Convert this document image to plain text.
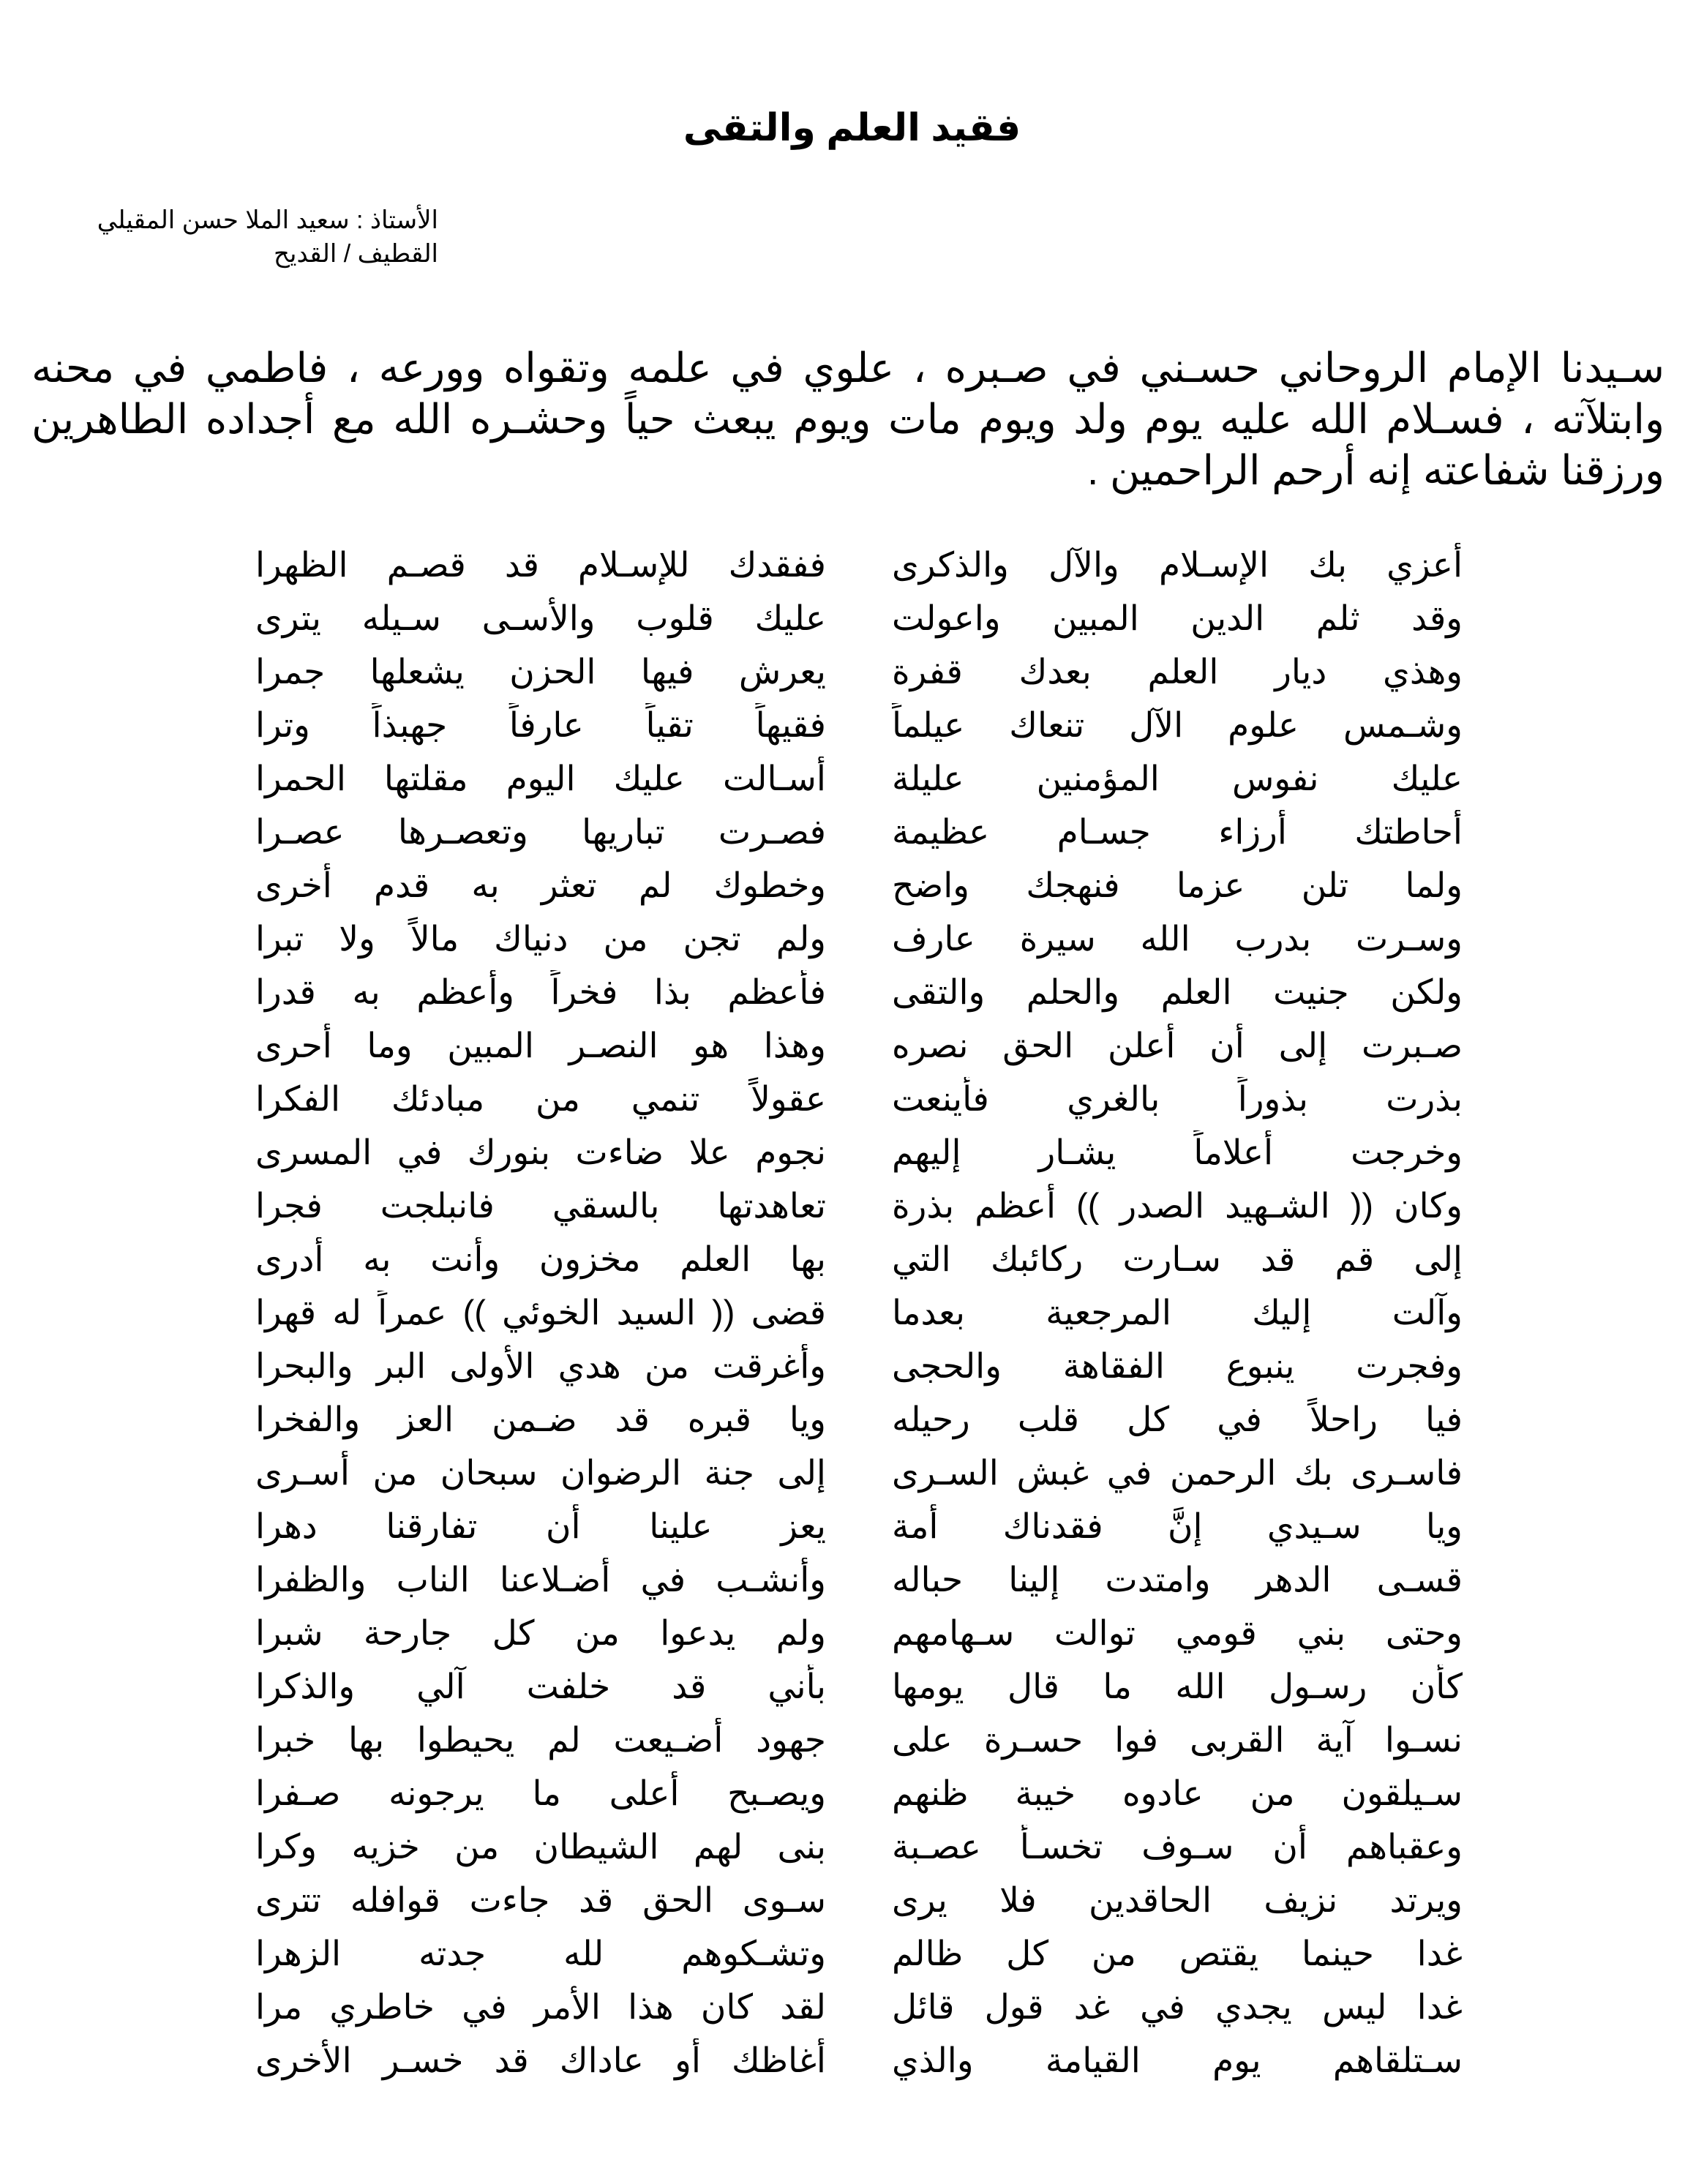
فقيد العلم والتقى
الأستاذ : سعيد الملا حسن المقيلي
القطيف / القديح
سـيدنا الإمام الروحاني حسـني في صـبره ، علوي في علمه وتقواه وورعه ، فاطمي في محنه وابتلآته ، فسـلام الله عليه يوم ولد ويوم مات ويوم يبعث حياً وحشـره الله مع أجداده الطاهرين ورزقنا شفاعته إنه أرحم الراحمين .
أعزي بك الإسـلام والآل والذكرى
ففقدك للإسـلام قد قصـم الظهرا
وقد ثلم الدين المبين واعولت
عليك قلوب والأسـى سـيله يترى
وهذي ديار العلم بعدك قفرة
يعرش فيها الحزن يشعلها جمرا
وشـمس علوم الآل تنعاك عيلماً
فقيهاً تقياً عارفاً جهبذاً وترا
عليك نفوس المؤمنين عليلة
أسـالت عليك اليوم مقلتها الحمرا
أحاطتك أرزاء جسـام عظيمة
فصـرت تباريها وتعصـرها عصـرا
ولما تلن عزما فنهجك واضح
وخطوك لم تعثر به قدم أخرى
وسـرت بدرب الله سيرة عارف
ولم تجن من دنياك مالاً ولا تبرا
ولكن جنيت العلم والحلم والتقى
فأعظم بذا فخراً وأعظم به قدرا
صـبرت إلى أن أعلن الحق نصره
وهذا هو النصـر المبين وما أحرى
بذرت بذوراً بالغري فأينعت
عقولاً تنمي من مبادئك الفكرا
وخرجت أعلاماً يشـار إليهم
نجوم علا ضاءت بنورك في المسرى
وكان (( الشـهيد الصدر )) أعظم بذرة
تعاهدتها بالسقي فانبلجت فجرا
إلى قم قد سـارت ركائبك التي
بها العلم مخزون وأنت به أدرى
وآلت إليك المرجعية بعدما
قضى (( السيد الخوئي )) عمراً له قهرا
وفجرت ينبوع الفقاهة والحجى
وأغرقت من هدي الأولى البر والبحرا
فيا راحلاً في كل قلب رحيله
ويا قبره قد ضـمن العز والفخرا
فاسـرى بك الرحمن في غبش السـرى
إلى جنة الرضوان سبحان من أسـرى
ويا سـيدي إنَّ فقدناك أمة
يعز علينا أن تفارقنا دهرا
قسـى الدهر وامتدت إلينا حباله
وأنشـب في أضـلاعنا الناب والظفرا
وحتى بني قومي توالت سـهامهم
ولم يدعوا من كل جارحة شبرا
كأن رسـول الله ما قال يومها
بأني قد خلفت آلي والذكرا
نسـوا آية القربى فوا حسـرة على
جهود أضـيعت لم يحيطوا بها خبرا
سـيلقون من عادوه خيبة ظنهم
ويصـبح أعلى ما يرجونه صـفرا
وعقباهم أن سـوف تخسـأ عصـبة
بنى لهم الشيطان من خزيه وكرا
ويرتد نزيف الحاقدين فلا يرى
سـوى الحق قد جاءت قوافله تترى
غدا حينما يقتص من كل ظالم
وتشـكوهم لله جدته الزهرا
غدا ليس يجدي في غد قول قائل
لقد كان هذا الأمر في خاطري مرا
سـتلقاهم يوم القيامة والذي
أغاظك أو عاداك قد خسـر الأخرى
